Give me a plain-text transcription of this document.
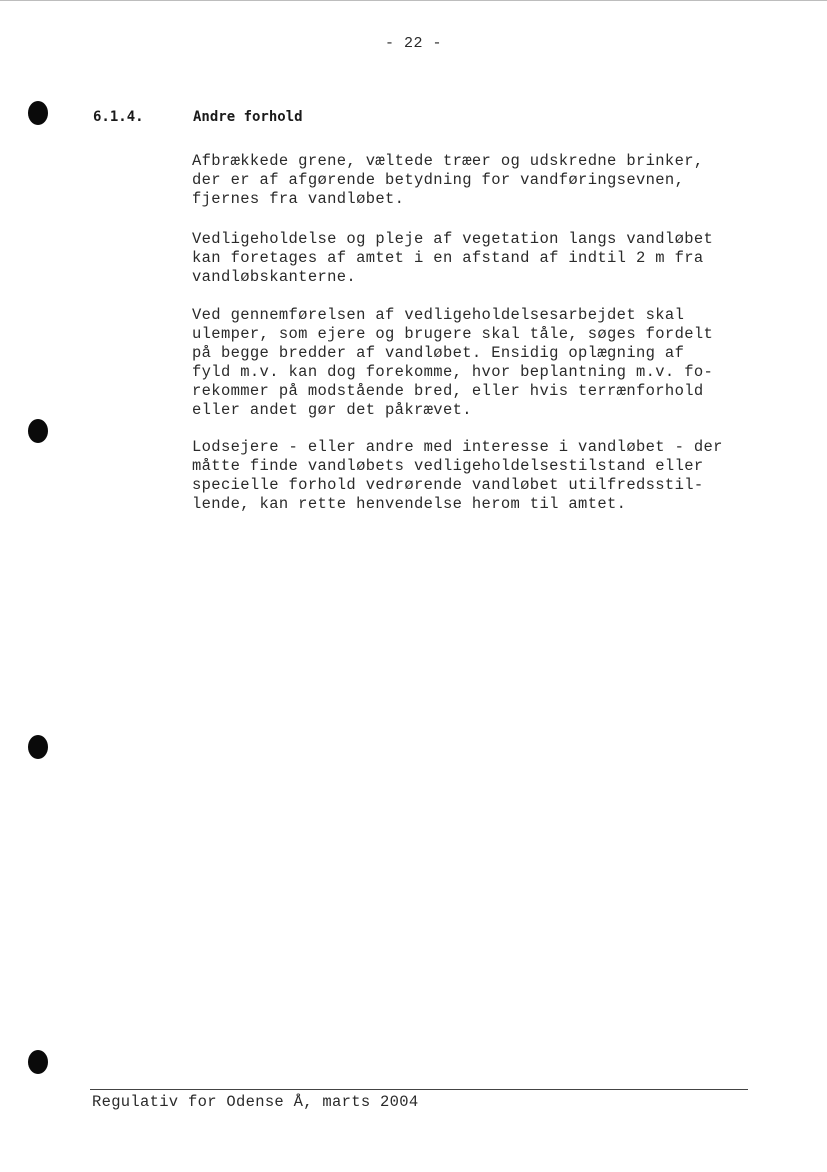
- 22 -
6.1.4.	Andre forhold

Afbrækkede grene, væltede træer og udskredne brinker,
der er af afgørende betydning for vandføringsevnen,
fjernes fra vandløbet.

Vedligeholdelse og pleje af vegetation langs vandløbet
kan foretages af amtet i en afstand af indtil 2 m fra
vandløbskanterne.

Ved gennemførelsen af vedligeholdelsesarbejdet skal
ulemper, som ejere og brugere skal tåle, søges fordelt
på begge bredder af vandløbet. Ensidig oplægning af
fyld m.v. kan dog forekomme, hvor beplantning m.v. fo-
rekommer på modstående bred, eller hvis terrænforhold
eller andet gør det påkrævet.

Lodsejere - eller andre med interesse i vandløbet - der
måtte finde vandløbets vedligeholdelsestilstand eller
specielle forhold vedrørende vandløbet utilfredsstil-
lende, kan rette henvendelse herom til amtet.

Regulativ for Odense Å, marts 2004
